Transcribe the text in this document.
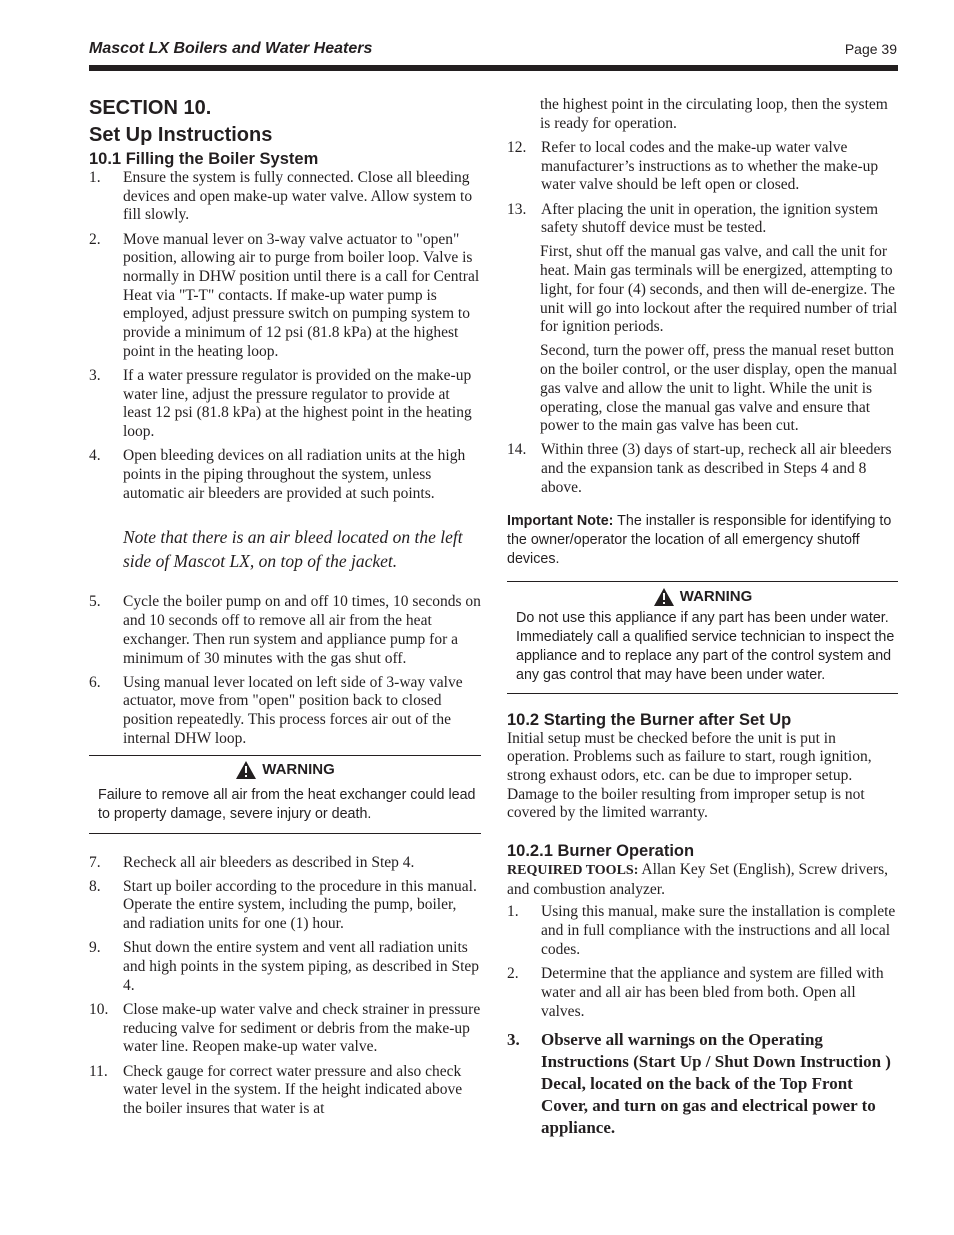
Mascot LX Boilers and Water Heaters	Page 39
SECTION 10.
Set Up Instructions
10.1 Filling the Boiler System
1.	Ensure the system is fully connected. Close all bleeding devices and open make-up water valve. Allow system to fill slowly.
2.	Move manual lever on 3-way valve actuator to "open" position, allowing air to purge from boiler loop. Valve is normally in DHW position until there is a call for Central Heat via "T-T" contacts. If make-up water pump is employed, adjust pressure switch on pumping system to provide a minimum of 12 psi (81.8 kPa) at the highest point in the heating loop.
3.	If a water pressure regulator is provided on the make-up water line, adjust the pressure regulator to provide at least 12 psi (81.8 kPa) at the highest point in the heating loop.
4.	Open bleeding devices on all radiation units at the high points in the piping throughout the system, unless automatic air bleeders are provided at such points.
Note that there is an air bleed located on the left side of Mascot LX, on top of the jacket.
5.	Cycle the boiler pump on and off 10 times, 10 seconds on and 10 seconds off to remove all air from the heat exchanger. Then run system and appliance pump for a minimum of 30 minutes with the gas shut off.
6.	Using manual lever located on left side of 3-way valve actuator, move from "open" position back to closed position repeatedly. This process forces air out of the internal DHW loop.
WARNING
Failure to remove all air from the heat exchanger could lead to property damage, severe injury or death.
7.	Recheck all air bleeders as described in Step 4.
8.	Start up boiler according to the procedure in this manual. Operate the entire system, including the pump, boiler, and radiation units for one (1) hour.
9.	Shut down the entire system and vent all radiation units and high points in the system piping, as described in Step 4.
10. Close make-up water valve and check strainer in pressure reducing valve for sediment or debris from the make-up water line. Reopen make-up water valve.
11. Check gauge for correct water pressure and also check water level in the system. If the height indicated above the boiler insures that water is at
the highest point in the circulating loop, then the system is ready for operation.
12. Refer to local codes and the make-up water valve manufacturer’s instructions as to whether the make-up water valve should be left open or closed.
13. After placing the unit in operation, the ignition system safety shutoff device must be tested.
First, shut off the manual gas valve, and call the unit for heat. Main gas terminals will be energized, attempting to light, for four (4) seconds, and then will de-energize. The unit will go into lockout after the required number of trial for ignition periods.
Second, turn the power off, press the manual reset button on the boiler control, or the user display, open the manual gas valve and allow the unit to light. While the unit is operating, close the manual gas valve and ensure that power to the main gas valve has been cut.
14. Within three (3) days of start-up, recheck all air bleeders and the expansion tank as described in Steps 4 and 8 above.
Important Note: The installer is responsible for identifying to the owner/operator the location of all emergency shutoff devices.
WARNING
Do not use this appliance if any part has been under water. Immediately call a qualified service technician to inspect the appliance and to replace any part of the control system and any gas control that may have been under water.
10.2 Starting the Burner after Set Up
Initial setup must be checked before the unit is put in operation. Problems such as failure to start, rough ignition, strong exhaust odors, etc. can be due to improper setup. Damage to the boiler resulting from improper setup is not covered by the limited warranty.
10.2.1 Burner Operation
REQUIRED TOOLS: Allan Key Set (English), Screw drivers, and combustion analyzer.
1.	Using this manual, make sure the installation is complete and in full compliance with the instructions and all local codes.
2.	Determine that the appliance and system are filled with water and all air has been bled from both. Open all valves.
3.	Observe all warnings on the Operating Instructions (Start Up / Shut Down Instruction ) Decal, located on the back of the Top Front Cover, and turn on gas and electrical power to appliance.
